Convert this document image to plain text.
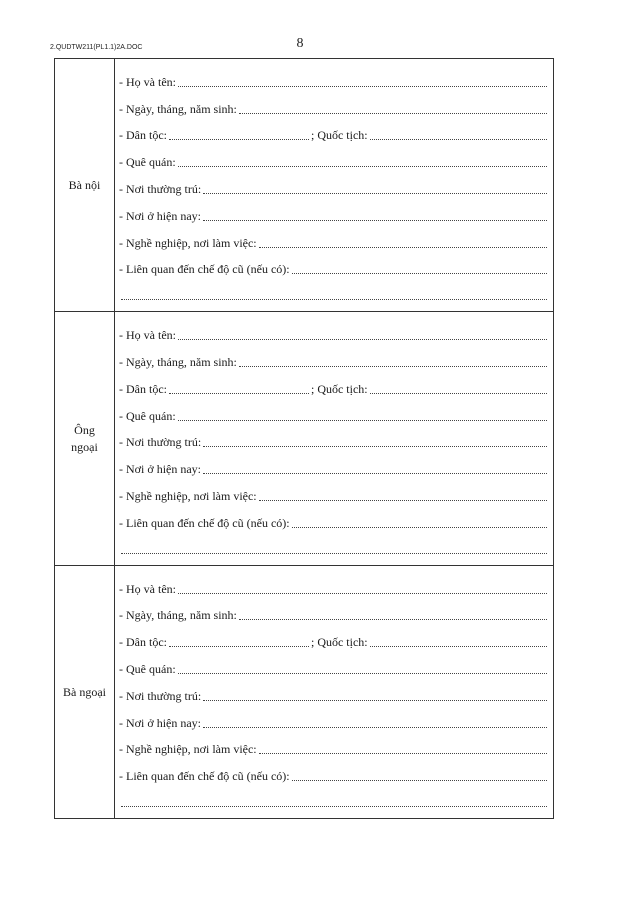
2.QUDTW211(PL1.1)2A.DOC	8
Bà nội
- Họ và tên:
- Ngày, tháng, năm sinh:
- Dân tộc:	; Quốc tịch:
- Quê quán:
- Nơi thường trú:
- Nơi ở hiện nay:
- Nghề nghiệp, nơi làm việc:
- Liên quan đến chế độ cũ (nếu có):
Ông
ngoại
- Họ và tên:
- Ngày, tháng, năm sinh:
- Dân tộc:	; Quốc tịch:
- Quê quán:
- Nơi thường trú:
- Nơi ở hiện nay:
- Nghề nghiệp, nơi làm việc:
- Liên quan đến chế độ cũ (nếu có):
Bà ngoại
- Họ và tên:
- Ngày, tháng, năm sinh:
- Dân tộc:	; Quốc tịch:
- Quê quán:
- Nơi thường trú:
- Nơi ở hiện nay:
- Nghề nghiệp, nơi làm việc:
- Liên quan đến chế độ cũ (nếu có):
